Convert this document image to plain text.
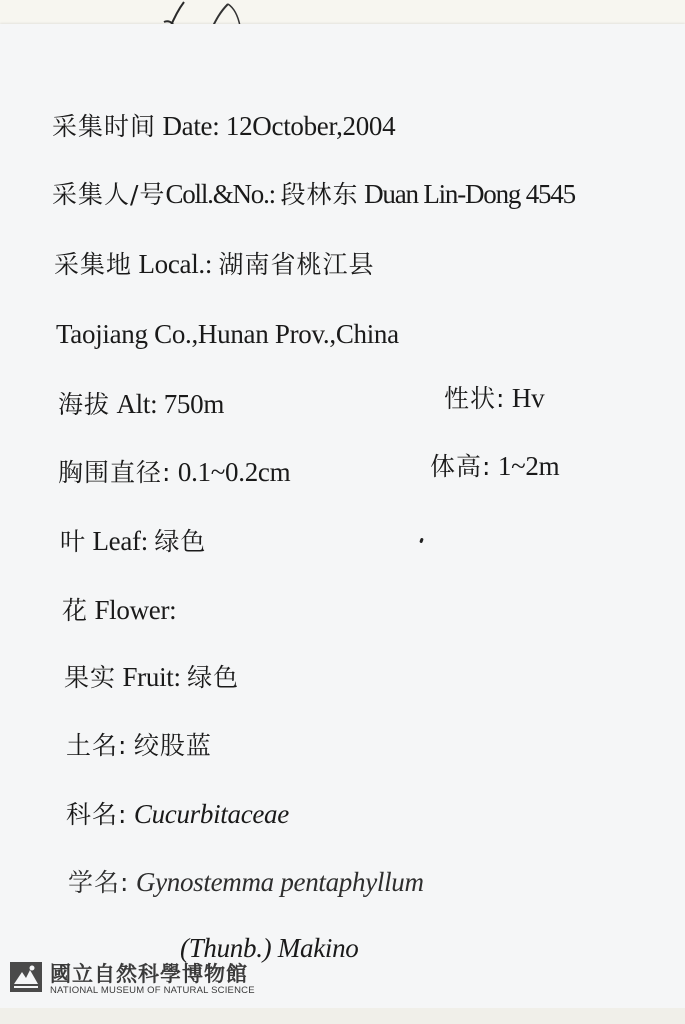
采集时间 Date: 12October,2004
采集人/号Coll.&No.: 段林东 Duan Lin-Dong 4545
采集地 Local.: 湖南省桃江县
Taojiang Co.,Hunan Prov.,China
海拔 Alt: 750m	性状: Hv
胸围直径: 0.1~0.2cm	体高: 1~2m
叶 Leaf: 绿色
花 Flower:
果实 Fruit: 绿色
土名: 绞股蓝
科名: Cucurbitaceae
学名: Gynostemma pentaphyllum
(Thunb.) Makino
國立自然科學博物館
NATIONAL MUSEUM OF NATURAL SCIENCE
